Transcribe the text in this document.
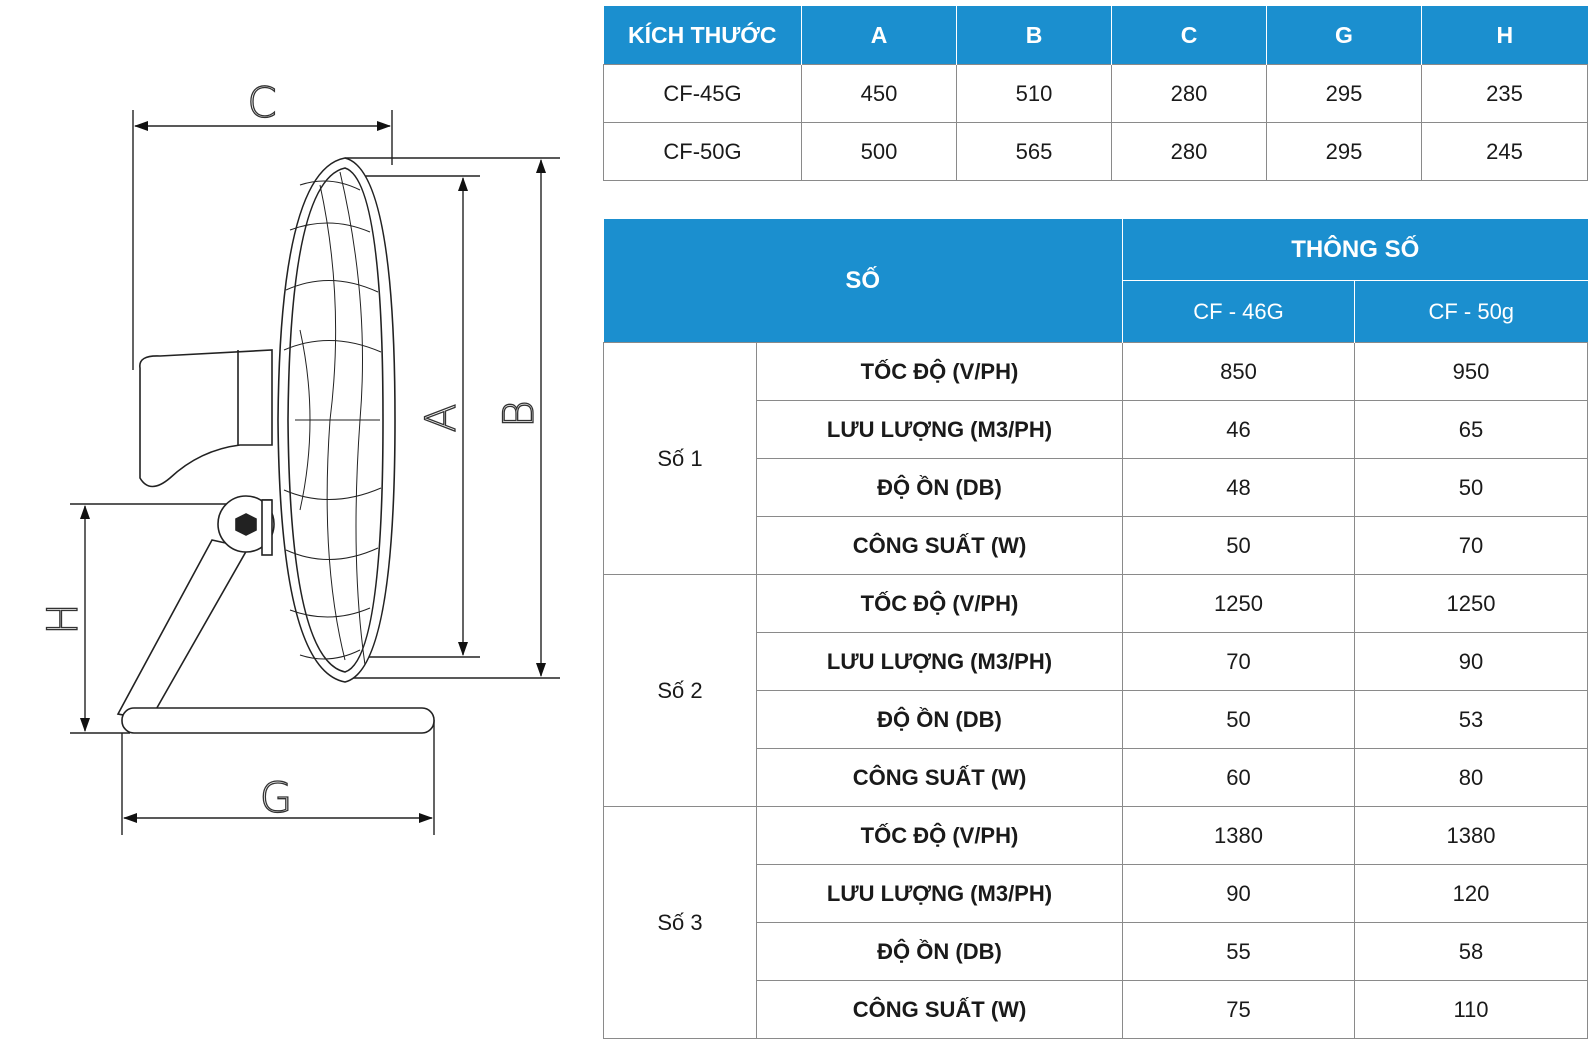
C
A B
H
G
KÍCH THƯỚC	A	B	C	G	H
CF-45G	450	510	280	295	235
CF-50G	500	565	280	295	245
SỐ		THÔNG SỐ	
		CF - 46G	CF - 50g
Số 1	TỐC ĐỘ (V/PH)	850	950
	LƯU LƯỢNG (M3/PH)	46	65
	ĐỘ ỒN (DB)	48	50
	CÔNG SUẤT (W)	50	70
Số 2	TỐC ĐỘ (V/PH)	1250	1250
	LƯU LƯỢNG (M3/PH)	70	90
	ĐỘ ỒN (DB)	50	53
	CÔNG SUẤT (W)	60	80
Số 3	TỐC ĐỘ (V/PH)	1380	1380
	LƯU LƯỢNG (M3/PH)	90	120
	ĐỘ ỒN (DB)	55	58
	CÔNG SUẤT (W)	75	110
